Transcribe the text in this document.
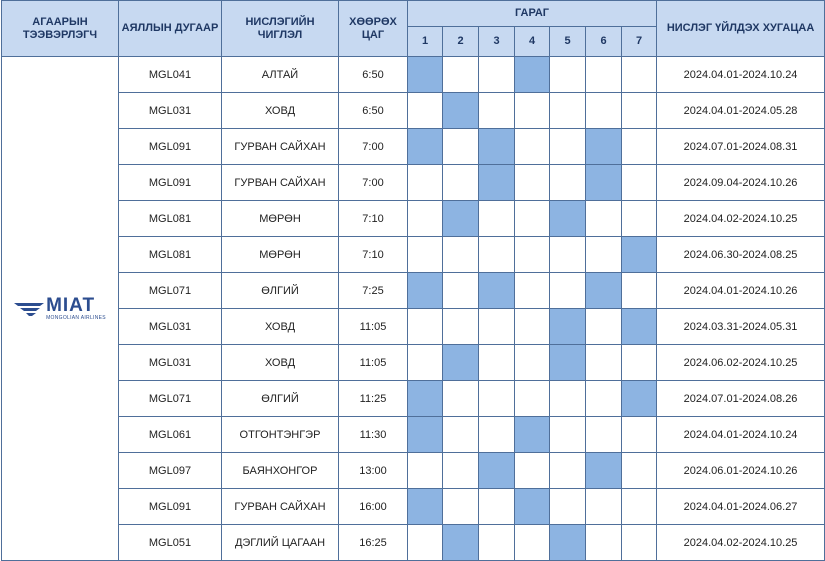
АГААРЫН ТЭЭВЭРЛЭГЧ	АЯЛЛЫН ДУГААР	НИСЛЭГИЙН ЧИГЛЭЛ	ХӨӨРӨХ ЦАГ	ГАРАГ							НИСЛЭГ ҮЙЛДЭХ ХУГАЦАА
				1	2	3	4	5	6	7	

MIAT
MONGOLIAN AIRLINES	MGL041	АЛТАЙ	6:50								2024.04.01-2024.10.24
	MGL031	ХОВД	6:50								2024.04.01-2024.05.28
	MGL091	ГУРВАН САЙХАН	7:00								2024.07.01-2024.08.31
	MGL091	ГУРВАН САЙХАН	7:00								2024.09.04-2024.10.26
	MGL081	МӨРӨН	7:10								2024.04.02-2024.10.25
	MGL081	МӨРӨН	7:10								2024.06.30-2024.08.25
	MGL071	ӨЛГИЙ	7:25								2024.04.01-2024.10.26
	MGL031	ХОВД	11:05								2024.03.31-2024.05.31
	MGL031	ХОВД	11:05								2024.06.02-2024.10.25
	MGL071	ӨЛГИЙ	11:25								2024.07.01-2024.08.26
	MGL061	ОТГОНТЭНГЭР	11:30								2024.04.01-2024.10.24
	MGL097	БАЯНХОНГОР	13:00								2024.06.01-2024.10.26
	MGL091	ГУРВАН САЙХАН	16:00								2024.04.01-2024.06.27
	MGL051	ДЭГЛИЙ ЦАГААН	16:25								2024.04.02-2024.10.25
